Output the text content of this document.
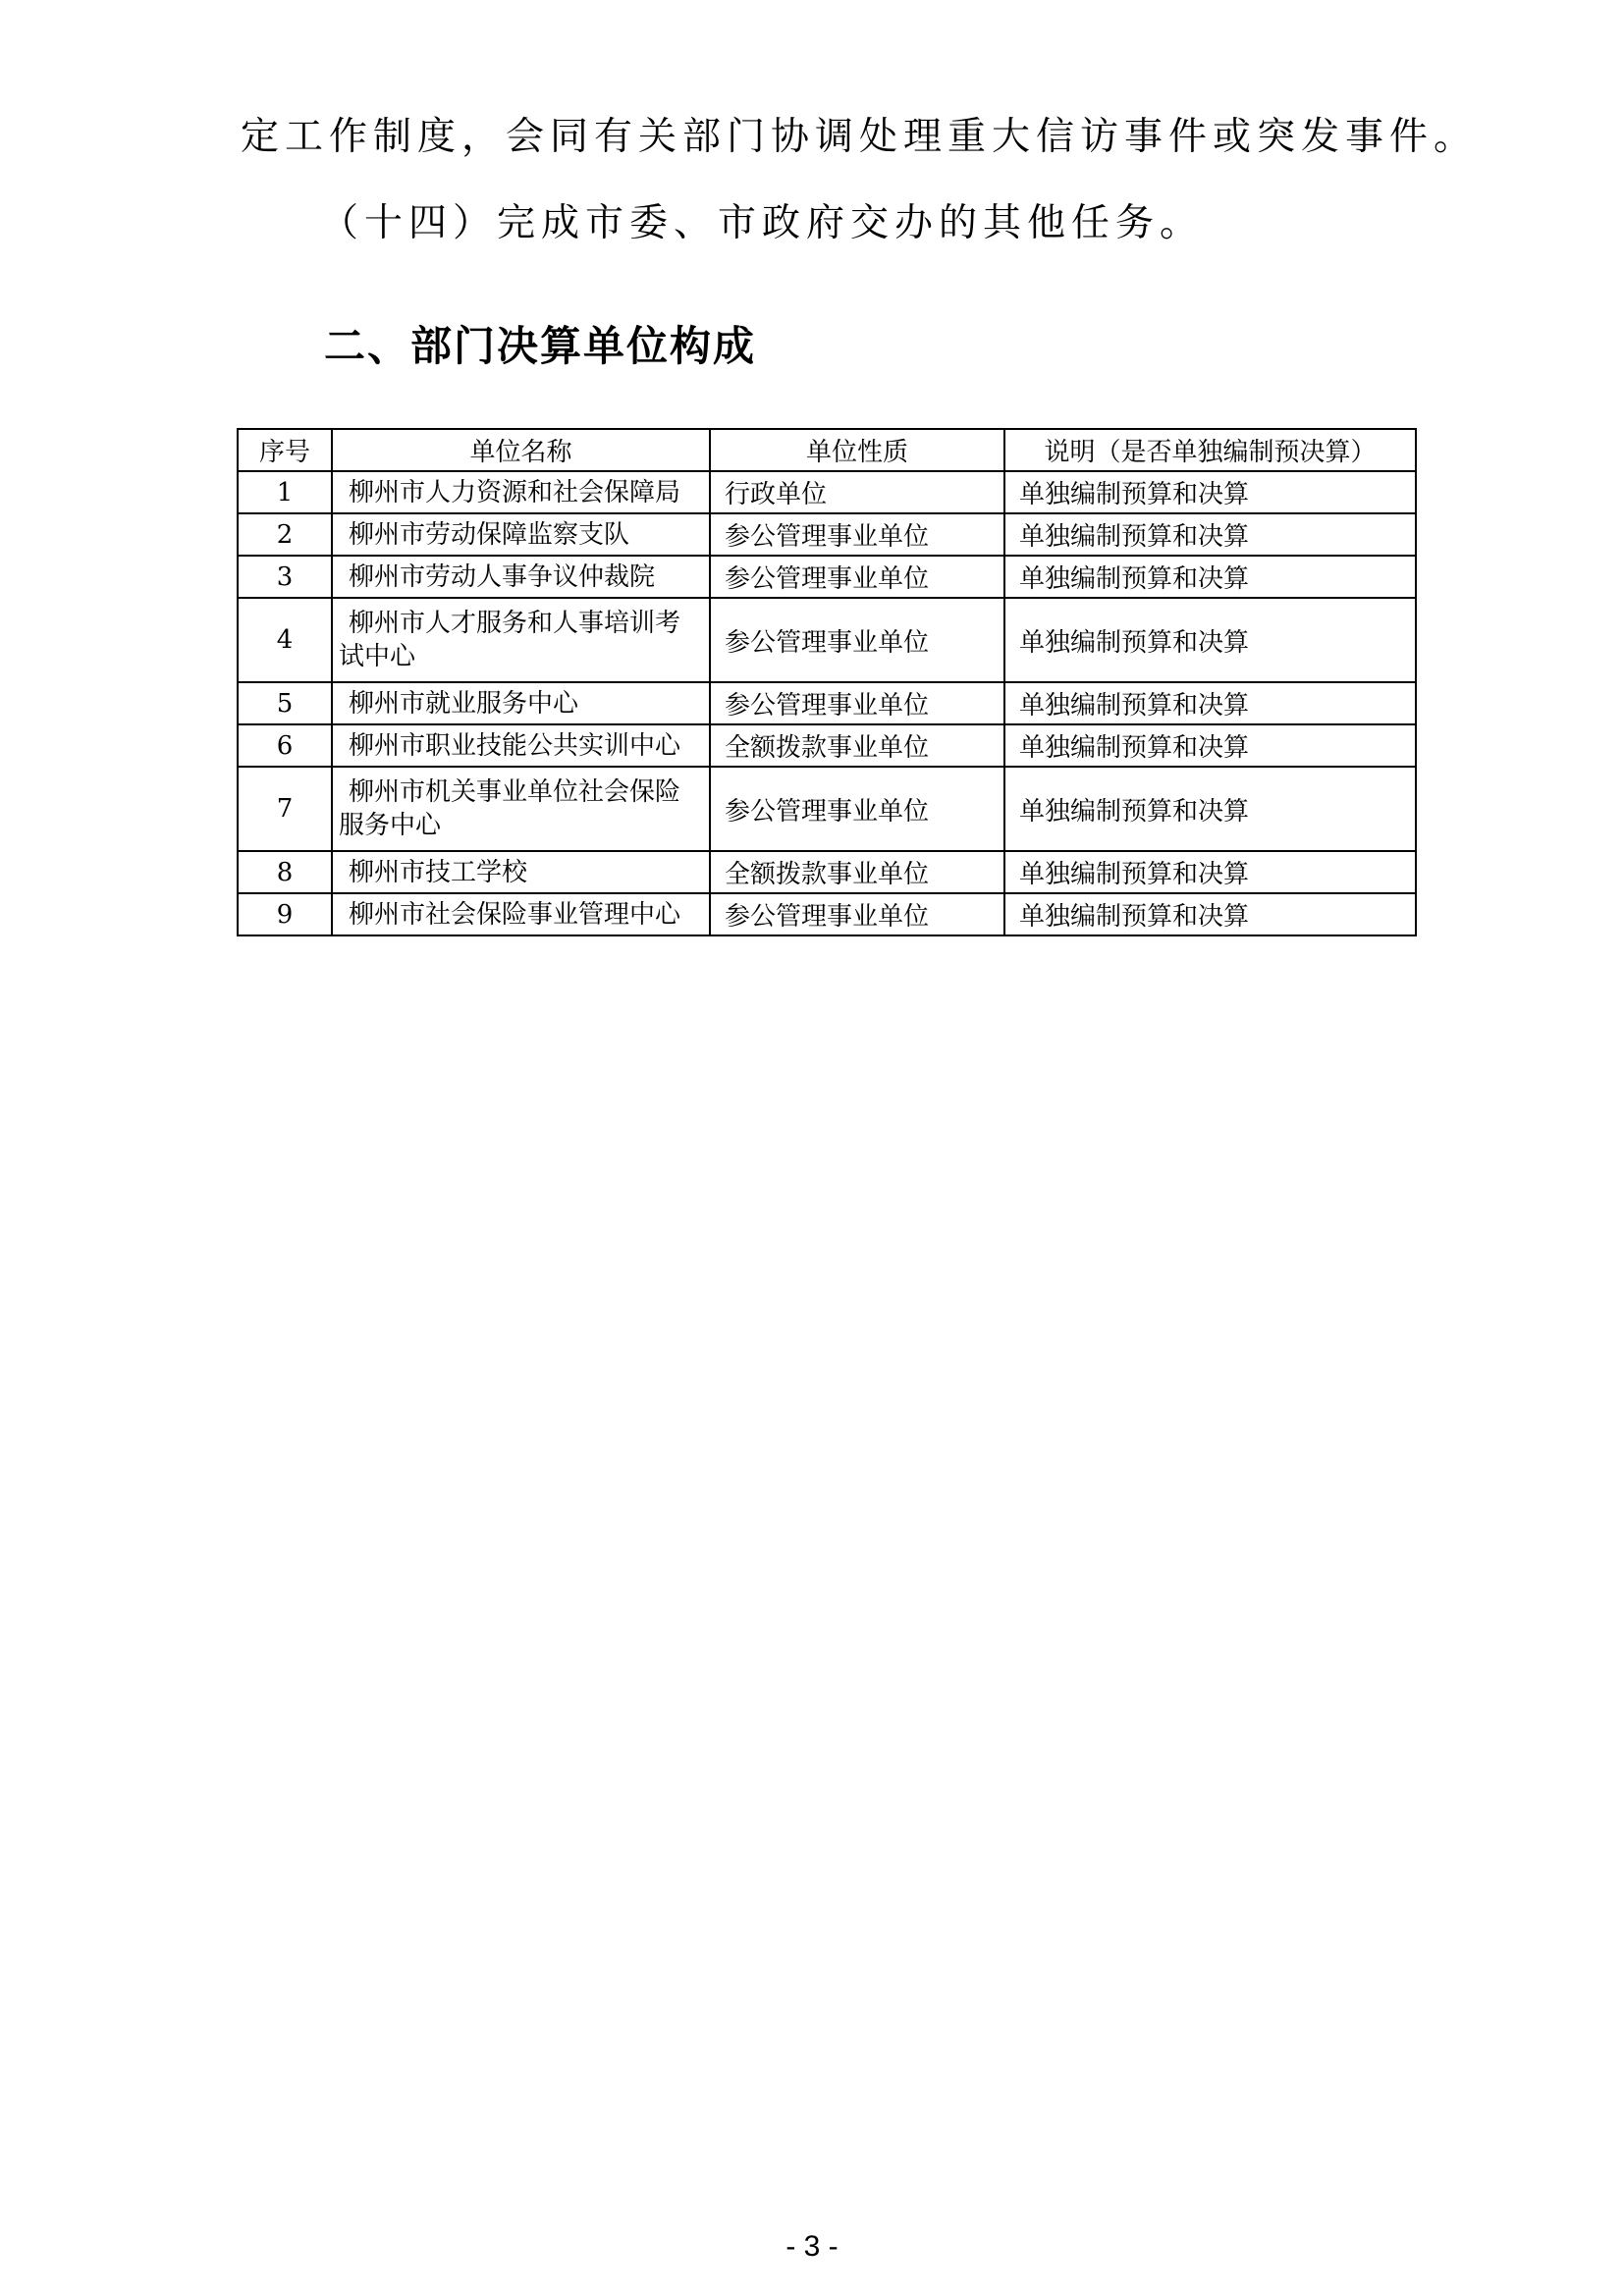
定工作制度，会同有关部门协调处理重大信访事件或突发事件。
（十四）完成市委、市政府交办的其他任务。
二、部门决算单位构成
序号	单位名称	单位性质	说明（是否单独编制预决算）
1	柳州市人力资源和社会保障局	行政单位	单独编制预算和决算
2	柳州市劳动保障监察支队	参公管理事业单位	单独编制预算和决算
3	柳州市劳动人事争议仲裁院	参公管理事业单位	单独编制预算和决算
4	柳州市人才服务和人事培训考试中心	参公管理事业单位	单独编制预算和决算
5	柳州市就业服务中心	参公管理事业单位	单独编制预算和决算
6	柳州市职业技能公共实训中心	全额拨款事业单位	单独编制预算和决算
7	柳州市机关事业单位社会保险服务中心	参公管理事业单位	单独编制预算和决算
8	柳州市技工学校	全额拨款事业单位	单独编制预算和决算
9	柳州市社会保险事业管理中心	参公管理事业单位	单独编制预算和决算
- 3 -
